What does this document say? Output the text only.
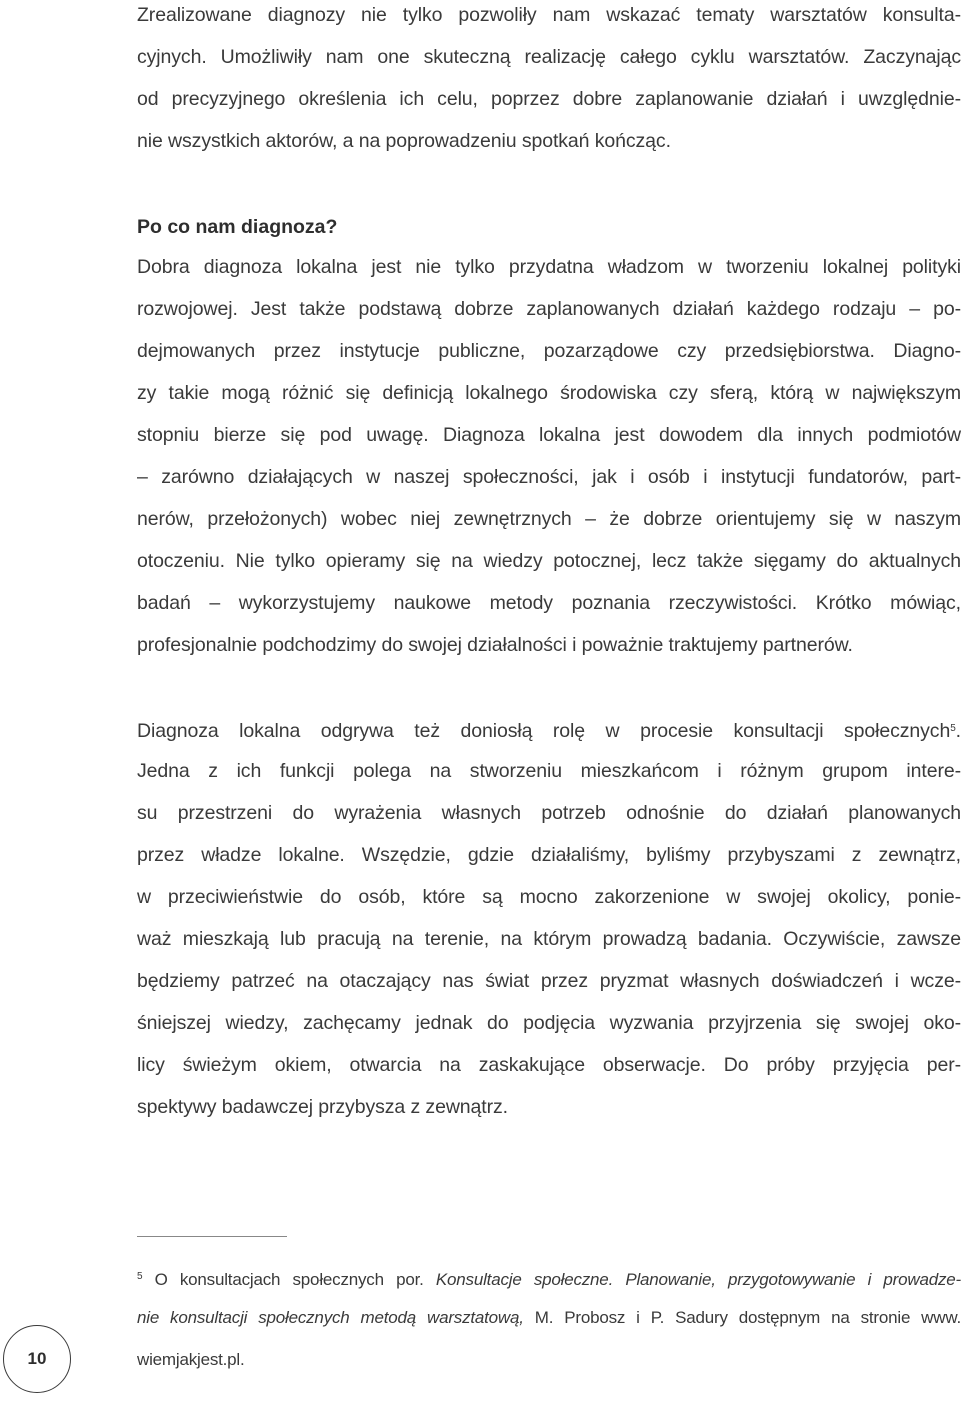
Zrealizowane diagnozy nie tylko pozwoliły nam wskazać tematy warsztatów konsulta-
cyjnych. Umożliwiły nam one skuteczną realizację całego cyklu warsztatów. Zaczynając
od precyzyjnego określenia ich celu, poprzez dobre zaplanowanie działań i uwzględnie-
nie wszystkich aktorów, a na poprowadzeniu spotkań kończąc.
Po co nam diagnoza?
Dobra diagnoza lokalna jest nie tylko przydatna władzom w tworzeniu lokalnej polityki
rozwojowej. Jest także podstawą dobrze zaplanowanych działań każdego rodzaju – po-
dejmowanych przez instytucje publiczne, pozarządowe czy przedsiębiorstwa. Diagno-
zy takie mogą różnić się definicją lokalnego środowiska czy sferą, którą w największym
stopniu bierze się pod uwagę. Diagnoza lokalna jest dowodem dla innych podmiotów
– zarówno działających w naszej społeczności, jak i osób i instytucji fundatorów, part-
nerów, przełożonych) wobec niej zewnętrznych – że dobrze orientujemy się w naszym
otoczeniu. Nie tylko opieramy się na wiedzy potocznej, lecz także sięgamy do aktualnych
badań – wykorzystujemy naukowe metody poznania rzeczywistości. Krótko mówiąc,
profesjonalnie podchodzimy do swojej działalności i poważnie traktujemy partnerów.
Diagnoza lokalna odgrywa też doniosłą rolę w procesie konsultacji społecznych$^5$.
Jedna z ich funkcji polega na stworzeniu mieszkańcom i różnym grupom intere-
su przestrzeni do wyrażenia własnych potrzeb odnośnie do działań planowanych
przez władze lokalne. Wszędzie, gdzie działaliśmy, byliśmy przybyszami z zewnątrz,
w przeciwieństwie do osób, które są mocno zakorzenione w swojej okolicy, ponie-
waż mieszkają lub pracują na terenie, na którym prowadzą badania. Oczywiście, zawsze
będziemy patrzeć na otaczający nas świat przez pryzmat własnych doświadczeń i wcze-
śniejszej wiedzy, zachęcamy jednak do podjęcia wyzwania przyjrzenia się swojej oko-
licy świeżym okiem, otwarcia na zaskakujące obserwacje. Do próby przyjęcia per-
spektywy badawczej przybysza z zewnątrz.
$^5$ O konsultacjach społecznych por. Konsultacje społeczne. Planowanie, przygotowywanie i prowadze-
nie konsultacji społecznych metodą warsztatową, M. Probosz i P. Sadury dostępnym na stronie www.
wiemjakjest.pl.
10
